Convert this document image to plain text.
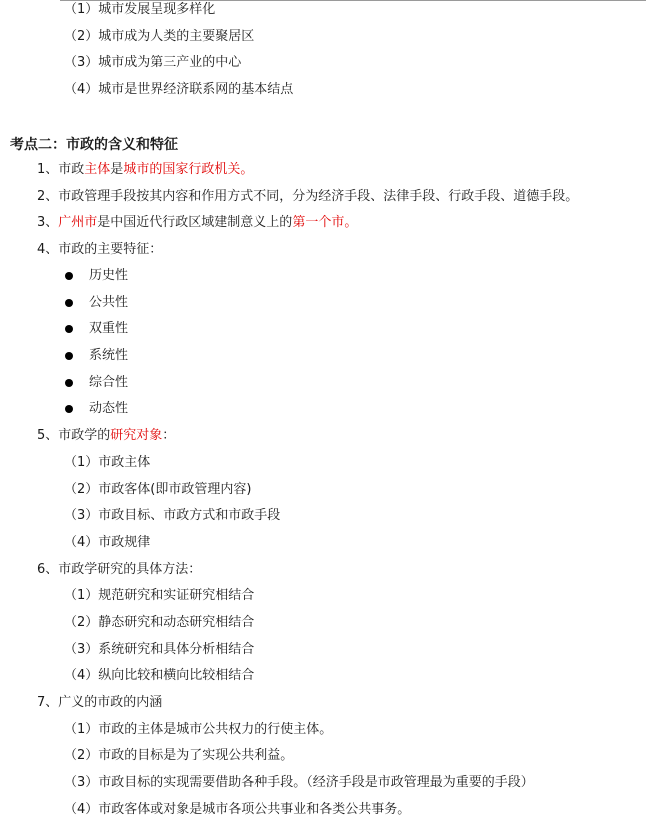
（1）城市发展呈现多样化
（2）城市成为人类的主要聚居区
（3）城市成为第三产业的中心
（4）城市是世界经济联系网的基本结点
考点二：市政的含义和特征
1、市政主体是城市的国家行政机关。
2、市政管理手段按其内容和作用方式不同，分为经济手段、法律手段、行政手段、道德手段。
3、广州市是中国近代行政区域建制意义上的第一个市。
4、市政的主要特征：
历史性
公共性
双重性
系统性
综合性
动态性
5、市政学的研究对象：
（1）市政主体
（2）市政客体(即市政管理内容)
（3）市政目标、市政方式和市政手段
（4）市政规律
6、市政学研究的具体方法：
（1）规范研究和实证研究相结合
（2）静态研究和动态研究相结合
（3）系统研究和具体分析相结合
（4）纵向比较和横向比较相结合
7、广义的市政的内涵
（1）市政的主体是城市公共权力的行使主体。
（2）市政的目标是为了实现公共利益。
（3）市政目标的实现需要借助各种手段。（经济手段是市政管理最为重要的手段）
（4）市政客体或对象是城市各项公共事业和各类公共事务。
